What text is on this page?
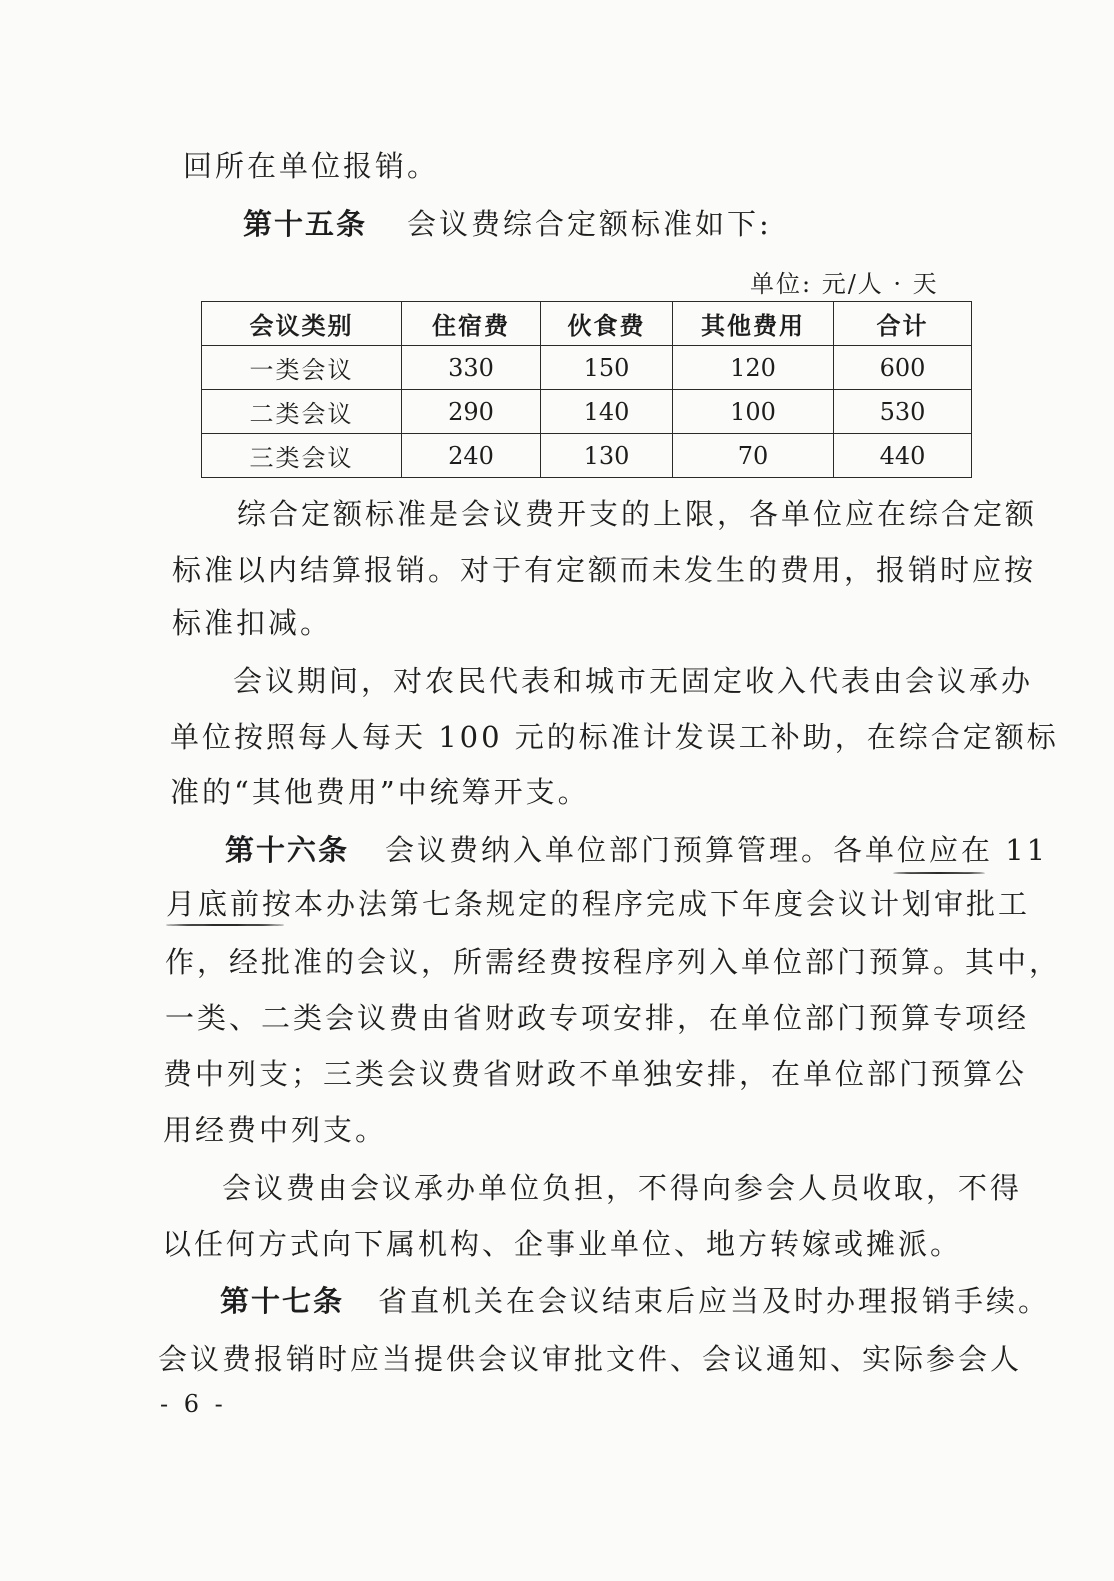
回所在单位报销。
第十五条 会议费综合定额标准如下:
单位: 元/人 · 天
会议类别	住宿费	伙食费	其他费用	合计
一类会议	330	150	120	600
二类会议	290	140	100	530
三类会议	240	130	70	440
综合定额标准是会议费开支的上限，各单位应在综合定额
标准以内结算报销。对于有定额而未发生的费用，报销时应按
标准扣减。
会议期间，对农民代表和城市无固定收入代表由会议承办
单位按照每人每天 100 元的标准计发误工补助，在综合定额标
准的“其他费用”中统筹开支。
第十六条 会议费纳入单位部门预算管理。各单位应在 11
月底前按本办法第七条规定的程序完成下年度会议计划审批工
作，经批准的会议，所需经费按程序列入单位部门预算。其中，
一类、二类会议费由省财政专项安排，在单位部门预算专项经
费中列支；三类会议费省财政不单独安排，在单位部门预算公
用经费中列支。
会议费由会议承办单位负担，不得向参会人员收取，不得
以任何方式向下属机构、企事业单位、地方转嫁或摊派。
第十七条 省直机关在会议结束后应当及时办理报销手续。
会议费报销时应当提供会议审批文件、会议通知、实际参会人
- 6 -
